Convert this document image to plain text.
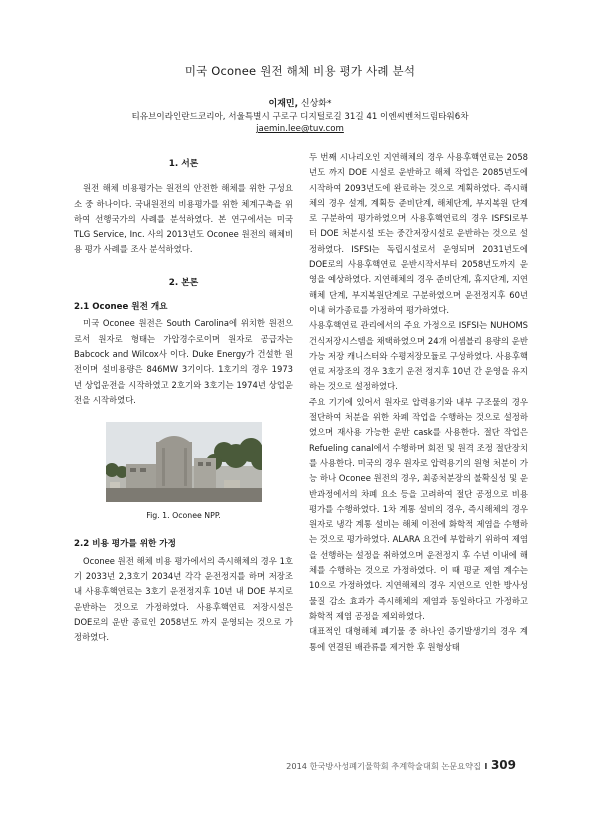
미국 Oconee 원전 해체 비용 평가 사례 분석
이재민, 신상화*
티유브이라인란드코리아, 서울특별시 구로구 디지털로길 31길 41 이엔씨벤처드림타워6차
jaemin.lee@tuv.com
1. 서론

원전 해체 비용평가는 원전의 안전한 해체를 위한 구성요소 중 하나이다. 국내원전의 비용평가를 위한 체계구축을 위하여 선행국가의 사례를 분석하였다. 본 연구에서는 미국 TLG Service, Inc. 사의 2013년도 Oconee 원전의 해체비용 평가 사례를 조사 분석하였다.

2. 본론
2.1 Oconee 원전 개요

미국 Oconee 원전은 South Carolina에 위치한 원전으로서 원자로 형태는 가압경수로이며 원자로 공급자는 Babcock and Wilcox사 이다. Duke Energy가 건설한 원전이며 설비용량은 846MW 3기이다. 1호기의 경우 1973년 상업운전을 시작하였고 2호기와 3호기는 1974년 상업운전을 시작하였다.

Fig. 1. Oconee NPP.
2.2 비용 평가를 위한 가정

Oconee 원전 해체 비용 평가에서의 즉시해체의 경우 1호기 2033년 2,3호기 2034년 각각 운전정지를 하며 저장조 내 사용후핵연료는 3호기 운전정지후 10년 내 DOE 부지로 운반하는 것으로 가정하였다. 사용후핵연료 저장시설은 DOE로의 운반 종료인 2058년도 까지 운영되는 것으로 가정하였다.

두 번째 시나리오인 지연해체의 경우 사용후핵연료는 2058년도 까지 DOE 시설로 운반하고 해체 작업은 2085년도에 시작하여 2093년도에 완료하는 것으로 계획하였다. 즉시해체의 경우 설계, 계획등 준비단계, 해체단계, 부지복원 단계로 구분하여 평가하였으며 사용후핵연료의 경우 ISFSI로부터 DOE 처분시설 또는 중간저장시설로 운반하는 것으로 설정하였다. ISFSI는 독립시설로서 운영되며 2031년도에 DOE로의 사용후핵연료 운반시작서부터 2058년도까지 운영을 예상하였다. 지연해체의 경우 준비단계, 휴지단계, 지연해체 단계, 부지복원단계로 구분하였으며 운전정지후 60년 이내 허가종료를 가정하여 평가하였다.

사용후핵연료 관리에서의 주요 가정으로 ISFSI는 NUHOMS 건식저장시스템을 채택하였으며 24개 어셈블리 용량의 운반가능 저장 캐니스터와 수평저장모듈로 구성하였다. 사용후핵연료 저장조의 경우 3호기 운전 정지후 10년 간 운영을 유지하는 것으로 설정하였다.

주요 기기에 있어서 원자로 압력용기와 내부 구조물의 경우 절단하여 처분을 위한 차폐 작업을 수행하는 것으로 설정하였으며 재사용 가능한 운반 cask를 사용한다. 절단 작업은 Refueling canal에서 수행하며 회전 및 원격 조정 절단장치를 사용한다. 미국의 경우 원자로 압력용기의 원형 처분이 가능 하나 Oconee 원전의 경우, 최종처분장의 불확실성 및 운반과정에서의 차폐 요소 등을 고려하여 절단 공정으로 비용평가를 수행하였다. 1차 계통 설비의 경우, 즉시해체의 경우 원자로 냉각 계통 설비는 해체 이전에 화학적 제염을 수행하는 것으로 평가하였다. ALARA 요건에 부합하기 위하여 제염을 선행하는 설정을 취하였으며 운전정지 후 수년 이내에 해체를 수행하는 것으로 가정하였다. 이 때 평균 제염 계수는 10으로 가정하였다. 지연해체의 경우 지연으로 인한 방사성 물질 감소 효과가 즉시해체의 제염과 동일하다고 가정하고 화학적 제염 공정을 제외하였다.

대표적인 대형해체 폐기물 중 하나인 증기발생기의 경우 계통에 연결된 배관류를 제거한 후 원형상태

2014 한국방사성폐기물학회 추계학술대회 논문요약집 l 309
